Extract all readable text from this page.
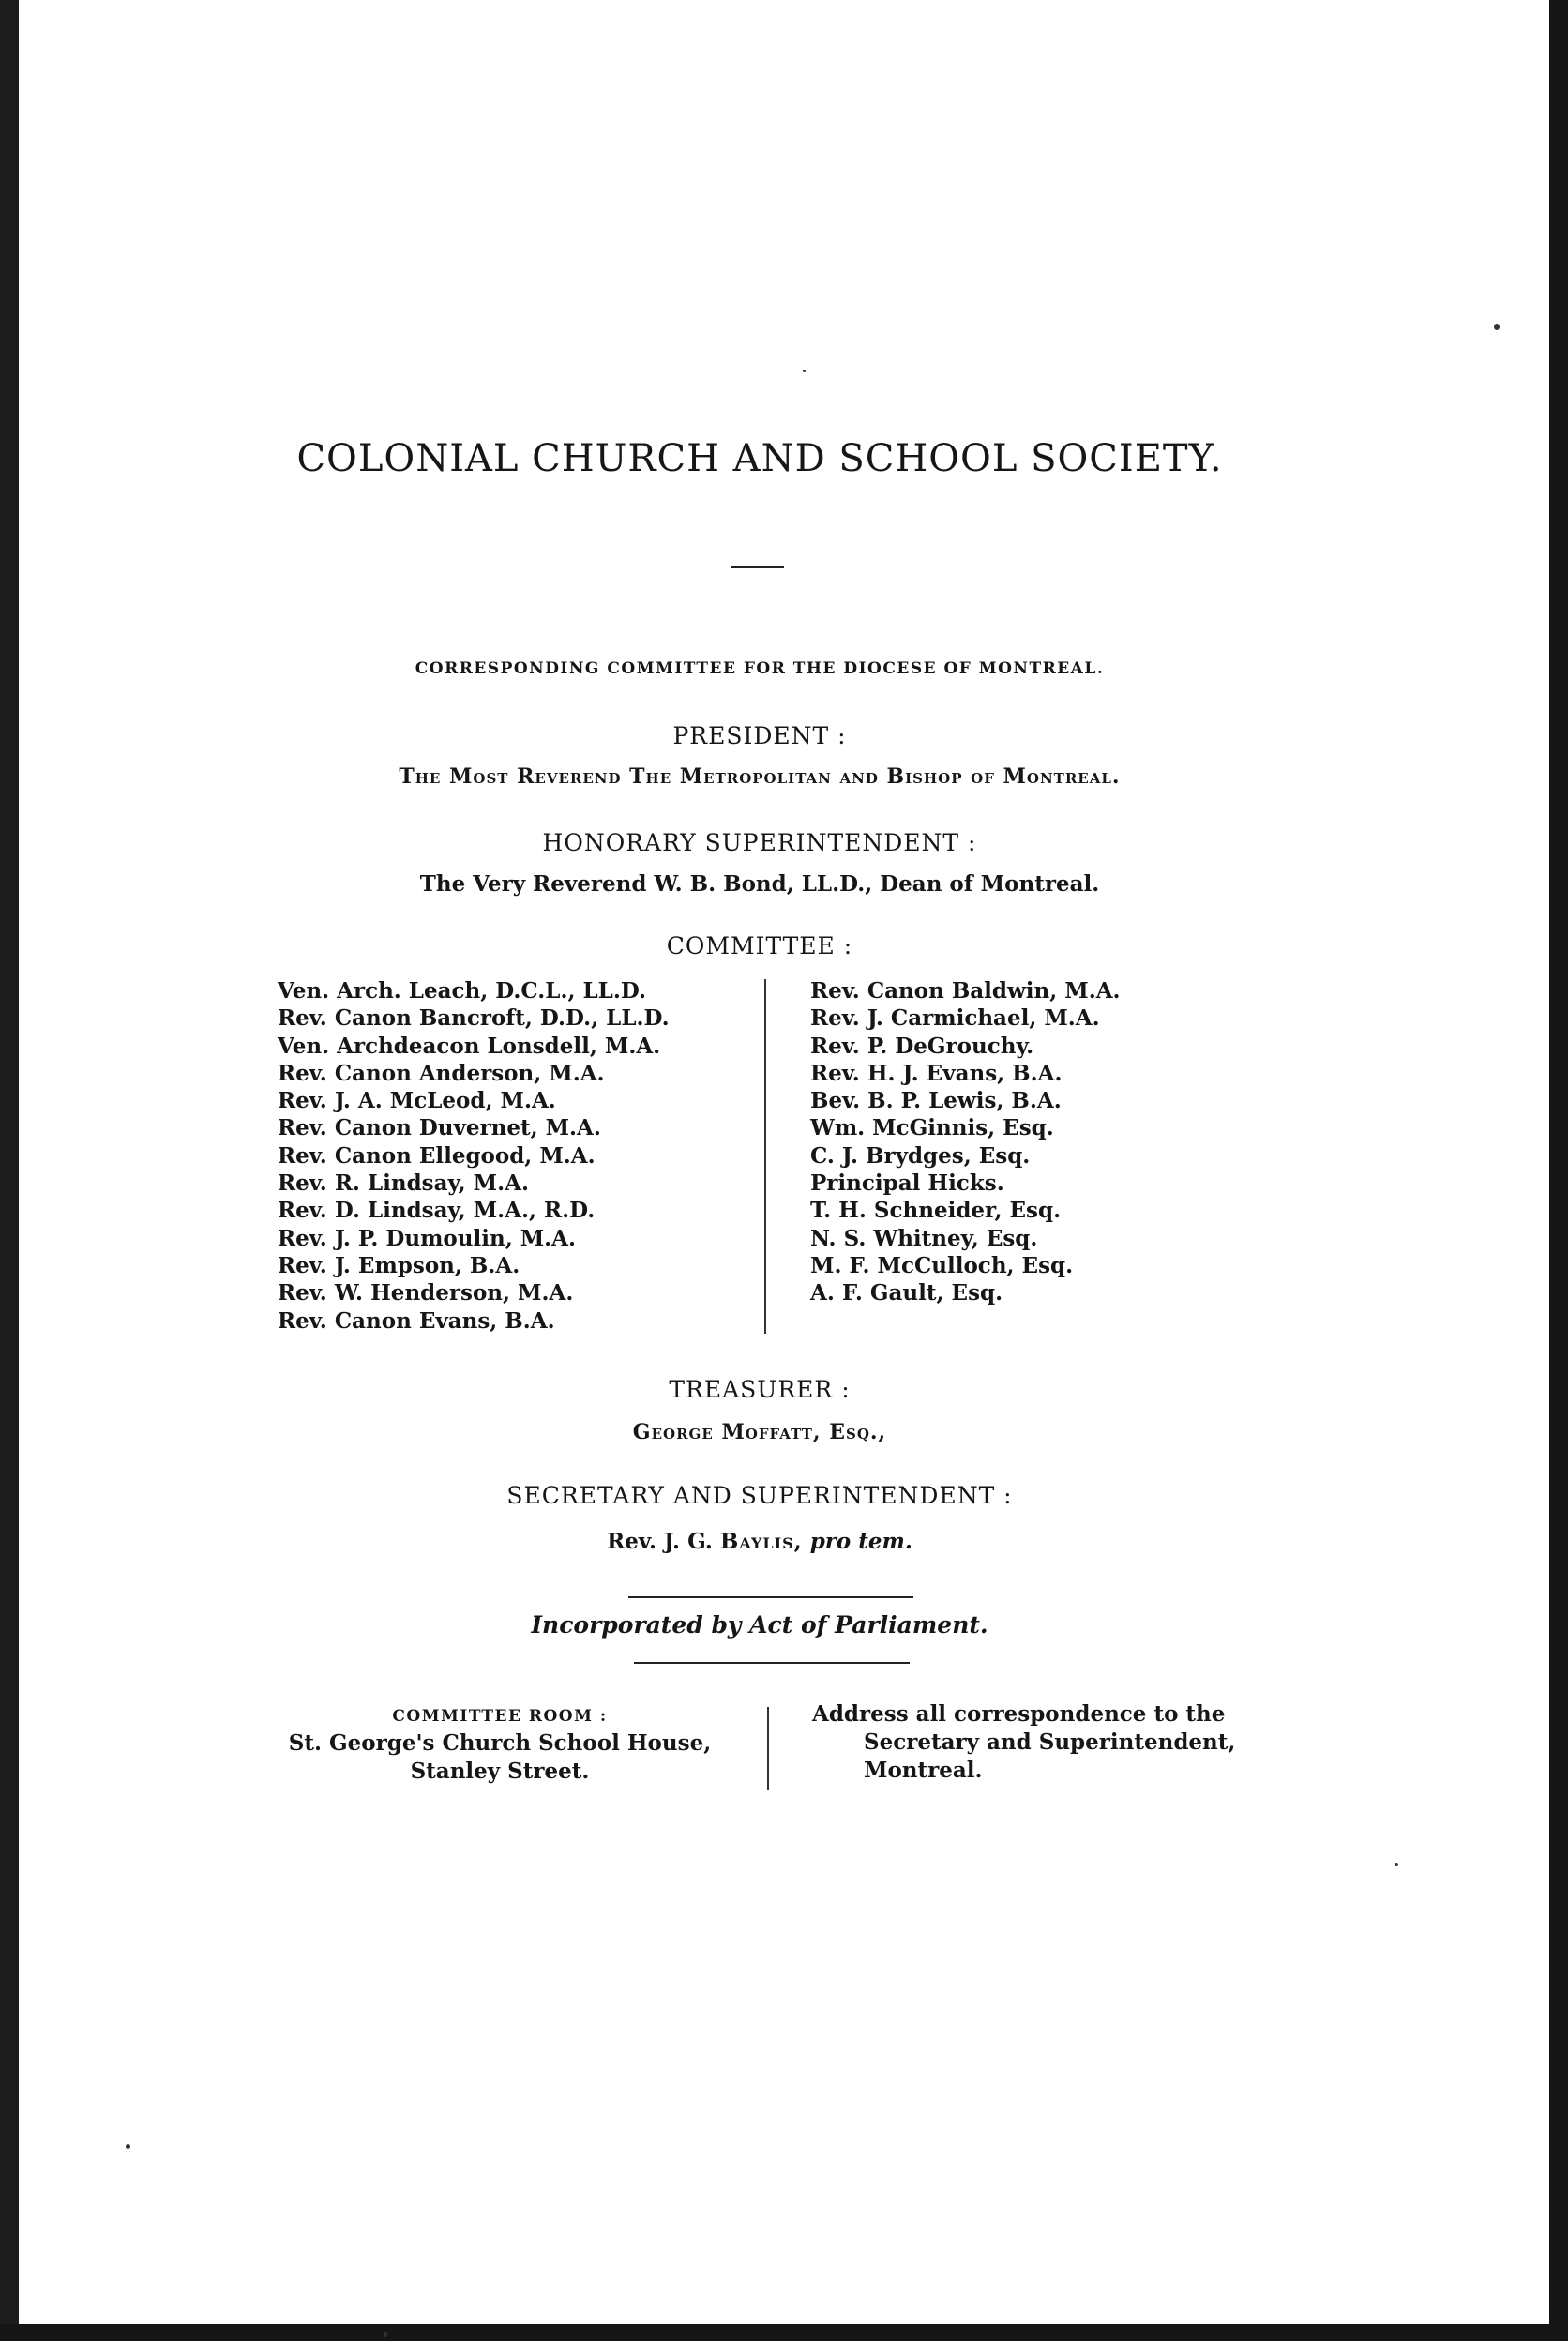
COLONIAL CHURCH AND SCHOOL SOCIETY.
CORRESPONDING COMMITTEE FOR THE DIOCESE OF MONTREAL.
PRESIDENT :
The Most Reverend The Metropolitan and Bishop of Montreal.
HONORARY SUPERINTENDENT :
The Very Reverend W. B. Bond, LL.D., Dean of Montreal.
COMMITTEE :
Ven. Arch. Leach, D.C.L., LL.D.
Rev. Canon Bancroft, D.D., LL.D.
Ven. Archdeacon Lonsdell, M.A.
Rev. Canon Anderson, M.A.
Rev. J. A. McLeod, M.A.
Rev. Canon Duvernet, M.A.
Rev. Canon Ellegood, M.A.
Rev. R. Lindsay, M.A.
Rev. D. Lindsay, M.A., R.D.
Rev. J. P. Dumoulin, M.A.
Rev. J. Empson, B.A.
Rev. W. Henderson, M.A.
Rev. Canon Evans, B.A.
Rev. Canon Baldwin, M.A.
Rev. J. Carmichael, M.A.
Rev. P. DeGrouchy.
Rev. H. J. Evans, B.A.
Bev. B. P. Lewis, B.A.
Wm. McGinnis, Esq.
C. J. Brydges, Esq.
Principal Hicks.
T. H. Schneider, Esq.
N. S. Whitney, Esq.
M. F. McCulloch, Esq.
A. F. Gault, Esq.
TREASURER :
George Moffatt, Esq.,
SECRETARY AND SUPERINTENDENT :
Rev. J. G. Baylis, pro tem.
Incorporated by Act of Parliament.
COMMITTEE ROOM :
St. George's Church School House,
Stanley Street.
Address all correspondence to the
Secretary and Superintendent,
Montreal.
